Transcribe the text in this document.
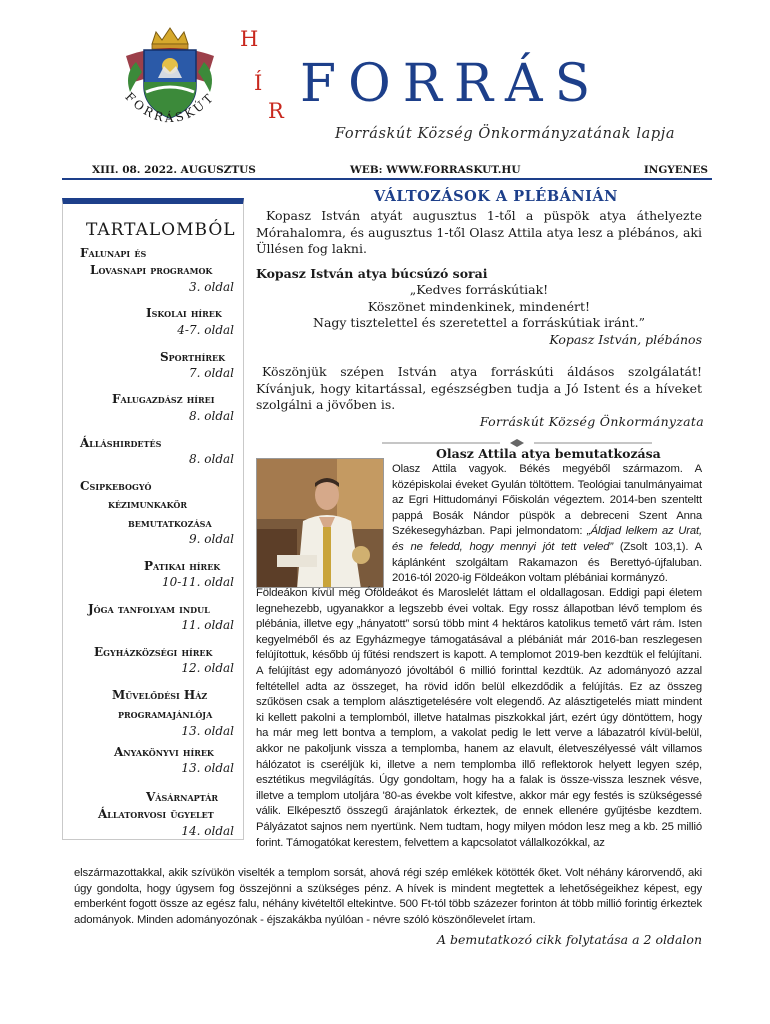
FORRÁSKÚT
H
Í
R FORRÁS
Forráskút Község Önkormányzatának lapja
XIII. 08. 2022. AUGUSZTUS	WEB: WWW.FORRASKUT.HU	INGYENES
TARTALOMBÓL
Falunapi és
Lovasnapi programok
3. oldal
Iskolai hírek
4-7. oldal
Sporthírek
7. oldal
Falugazdász hírei
8. oldal
Álláshirdetés
8. oldal
Csipkebogyó
kézimunkakör
bemutatkozása
9. oldal
Patikai hírek
10-11. oldal
Jóga tanfolyam indul
11. oldal
Egyházközségi hírek
12. oldal
Művelődési Ház
programajánlója
13. oldal
Anyakönyvi hírek
13. oldal
Vásárnaptár
Állatorvosi ügyelet
14. oldal
VÁLTOZÁSOK A PLÉBÁNIÁN

Kopasz István atyát augusztus 1-től a püspök atya áthelyezte Mórahalomra, és augusztus 1-től Olasz Attila atya lesz a plébános, aki Üllésen fog lakni.

Kopasz István atya búcsúzó sorai
„Kedves forráskútiak!
Köszönet mindenkinek, mindenért!
Nagy tisztelettel és szeretettel a forráskútiak iránt.”
Kopasz István, plébános

Köszönjük szépen István atya forráskúti áldásos szolgálatát! Kívánjuk, hogy kitartással, egészségben tudja a Jó Istent és a híveket szolgálni a jövőben is.

Forráskút Község Önkormányzata
Olasz Attila atya bemutatkozása

Olasz Attila vagyok. Békés megyéből származom. A középiskolai éveket Gyulán töltöttem. Teológiai tanulmányaimat az Egri Hittudományi Főiskolán végeztem. 2014-ben szenteltt pappá Bosák Nándor püspök a debreceni Szent Anna Székesegyházban. Papi jelmondatom: „Áldjad lelkem az Urat, és ne feledd, hogy mennyi jót tett veled” (Zsolt 103,1). A káplánként szolgáltam Rakamazon és Berettyó-újfaluban. 2016-tól 2020-ig Földeákon voltam plébániai kormányzó.

Földeákon kívül még Óföldeákot és Maroslelét láttam el oldallagosan. Eddigi papi életem legnehezebb, ugyanakkor a legszebb évei voltak. Egy rossz állapotban lévő templom és plébánia, illetve egy „hányatott” sorsú több mint 4 hektáros katolikus temető várt rám. Isten kegyelméből és az Egyházmegye támogatásával a plébániát már 2016-ban reszlegesen felújítottuk, később új fűtési rendszert is kapott. A templomot 2019-ben kezdtük el felújítani. A felújítást egy adományozó jóvoltából 6 millió forinttal kezdtük. Az adományozó azzal feltétellel adta az összeget, ha rövid időn belül elkezdődik a felújítás. Ez az összeg szűkösen csak a templom alásztigetelésére volt elegendő. Az alásztigetelés miatt mindent ki kellett pakolni a templomból, illetve hatalmas piszkokkal járt, ezért úgy döntöttem, hogy ha már meg lett bontva a templom, a vakolat pedig le lett verve a lábazatról kívül-belül, akkor ne pakoljunk vissza a templomba, hanem az elavult, életveszélyessé vált villamos hálózatot is cseréljük ki, illetve a nem templomba illő reflektorok helyett legyen szép, esztétikus megvilágítás. Úgy gondoltam, hogy ha a falak is össze-vissza lesznek vésve, illetve a templom utoljára '80-as évekbe volt kifestve, akkor már egy festés is szükségessé válik. Elképesztő összegű árajánlatok érkeztek, de ennek ellenére gyűjtésbe kezdtem. Pályázatot sajnos nem nyertünk. Nem tudtam, hogy milyen módon lesz meg a kb. 25 millió forint. Támogatókat kerestem, felvettem a kapcsolatot vállalkozókkal, az

elszármazottakkal, akik szívükön viselték a templom sorsát, ahová régi szép emlékek kötötték őket. Volt néhány károrvendő, aki úgy gondolta, hogy úgysem fog összejönni a szükséges pénz. A hívek is mindent megtettek a lehetőségeikhez képest, egy emberként fogott össze az egész falu, néhány kivételtől eltekintve. 500 Ft-tól több százezer forinton át több millió forintig érkeztek adományok. Minden adományozónak - éjszakákba nyúlóan - névre szóló köszönőlevelet írtam.

A bemutatkozó cikk folytatása a 2 oldalon
